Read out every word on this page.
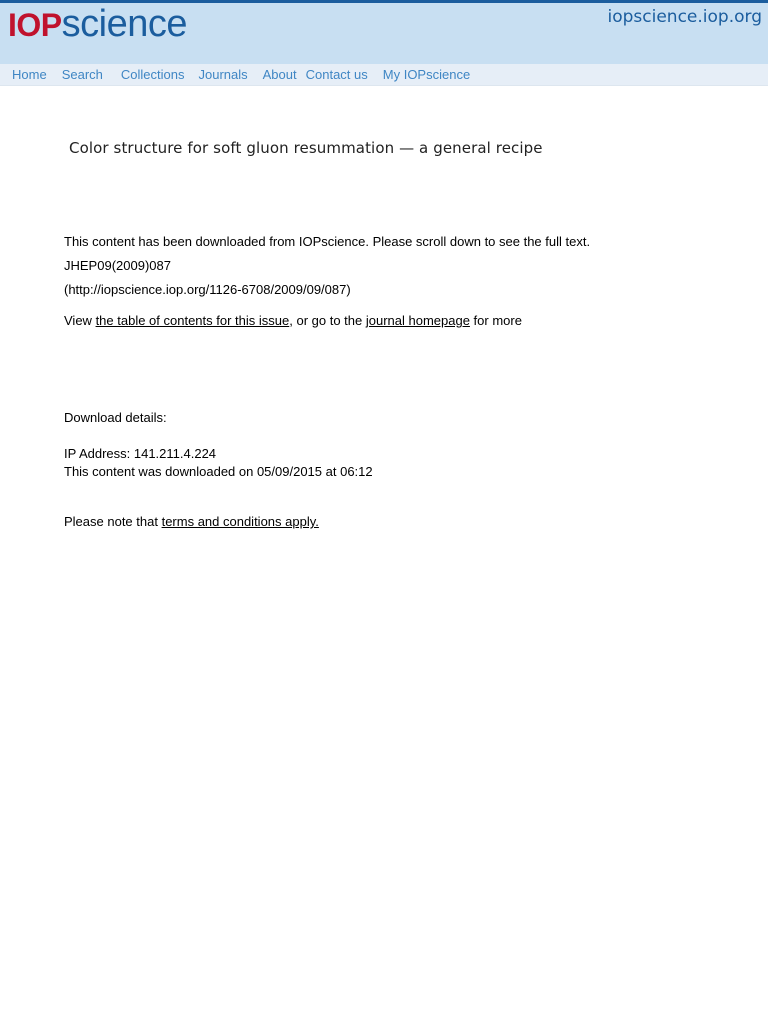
IOPscience	iopscience.iop.org
Home Search Collections Journals About Contact us My IOPscience
Color structure for soft gluon resummation — a general recipe
This content has been downloaded from IOPscience. Please scroll down to see the full text.
JHEP09(2009)087
(http://iopscience.iop.org/1126-6708/2009/09/087)
View the table of contents for this issue, or go to the journal homepage for more
Download details:
IP Address: 141.211.4.224
This content was downloaded on 05/09/2015 at 06:12
Please note that terms and conditions apply.
